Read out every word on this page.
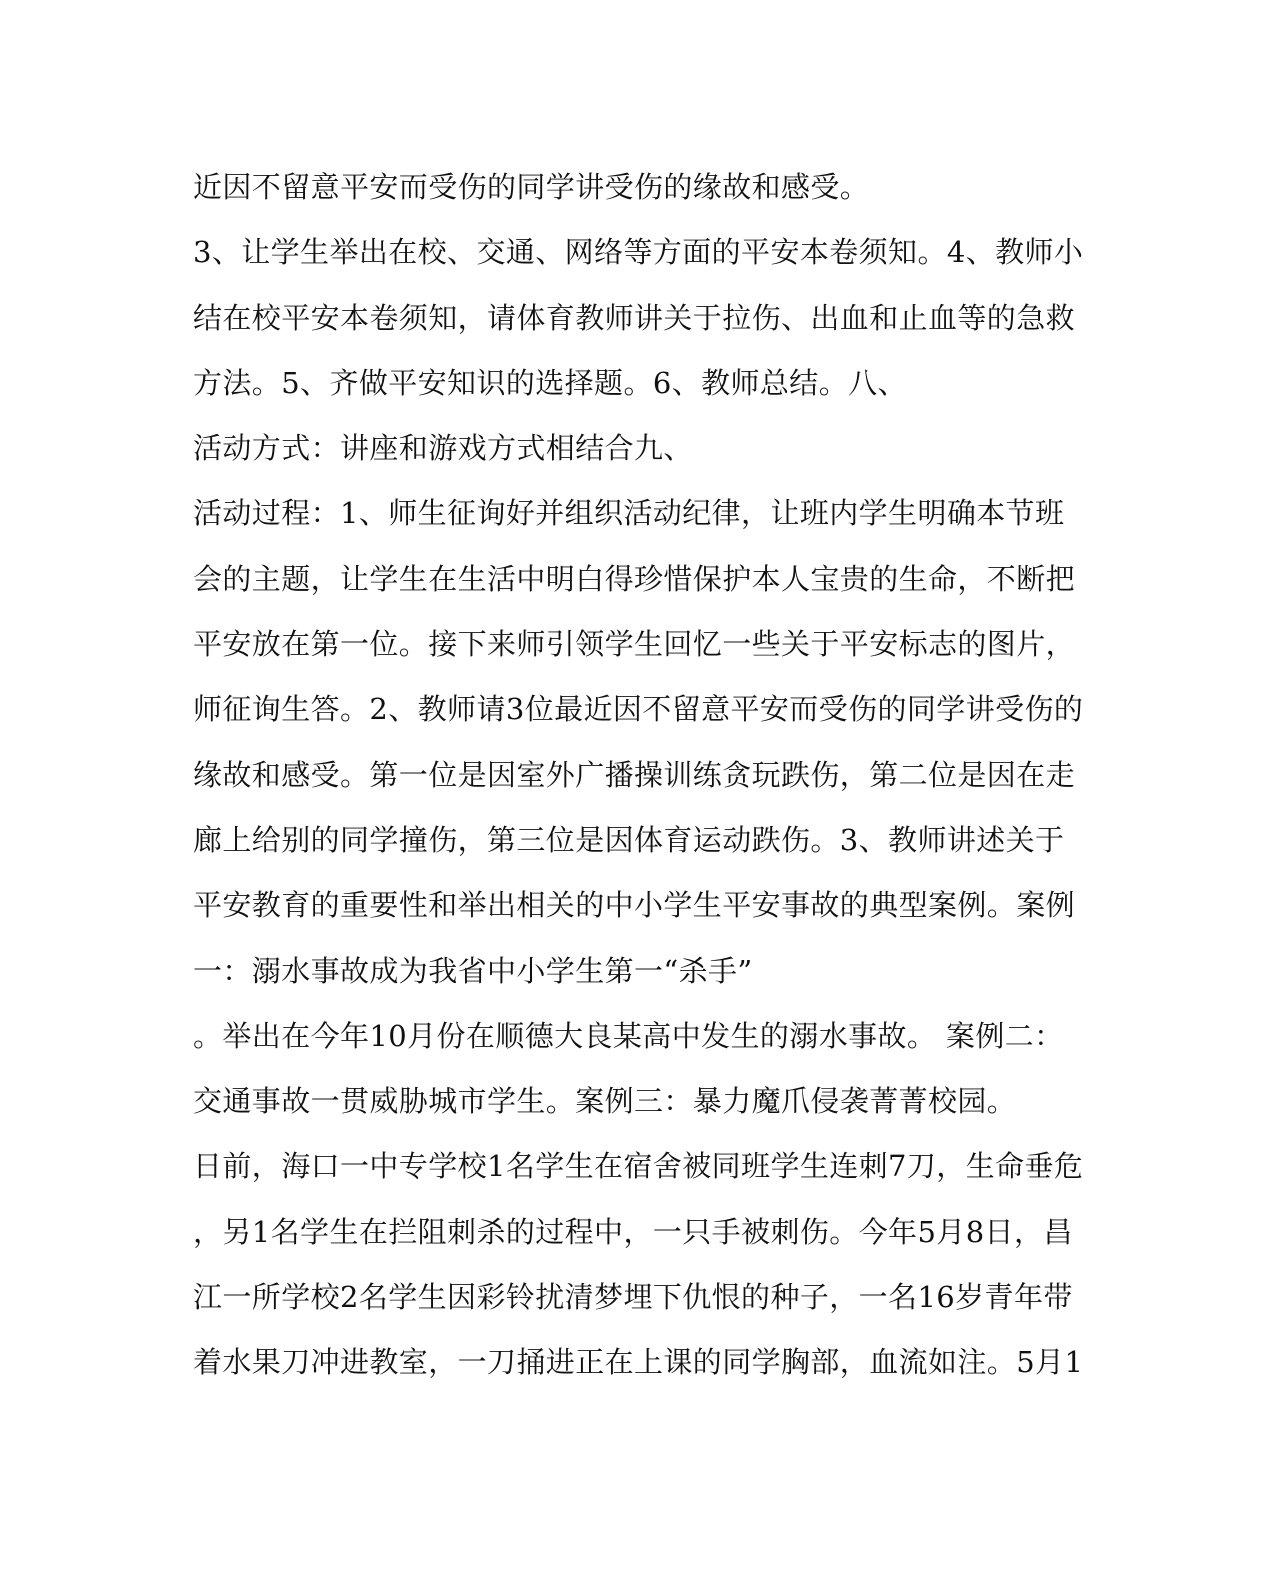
近因不留意平安而受伤的同学讲受伤的缘故和感受。
3、让学生举出在校、交通、网络等方面的平安本卷须知。4、教师小
结在校平安本卷须知，请体育教师讲关于拉伤、出血和止血等的急救
方法。5、齐做平安知识的选择题。6、教师总结。八、
活动方式：讲座和游戏方式相结合九、
活动过程：1、师生征询好并组织活动纪律，让班内学生明确本节班
会的主题，让学生在生活中明白得珍惜保护本人宝贵的生命，不断把
平安放在第一位。接下来师引领学生回忆一些关于平安标志的图片，
师征询生答。2、教师请3位最近因不留意平安而受伤的同学讲受伤的
缘故和感受。第一位是因室外广播操训练贪玩跌伤，第二位是因在走
廊上给别的同学撞伤，第三位是因体育运动跌伤。3、教师讲述关于
平安教育的重要性和举出相关的中小学生平安事故的典型案例。案例
一：溺水事故成为我省中小学生第一“杀手”
。举出在今年10月份在顺德大良某高中发生的溺水事故。 案例二：
交通事故一贯威胁城市学生。案例三：暴力魔爪侵袭菁菁校园。
日前，海口一中专学校1名学生在宿舍被同班学生连刺7刀，生命垂危
，另1名学生在拦阻刺杀的过程中，一只手被刺伤。今年5月8日，昌
江一所学校2名学生因彩铃扰清梦埋下仇恨的种子，一名16岁青年带
着水果刀冲进教室，一刀捅进正在上课的同学胸部，血流如注。5月1
